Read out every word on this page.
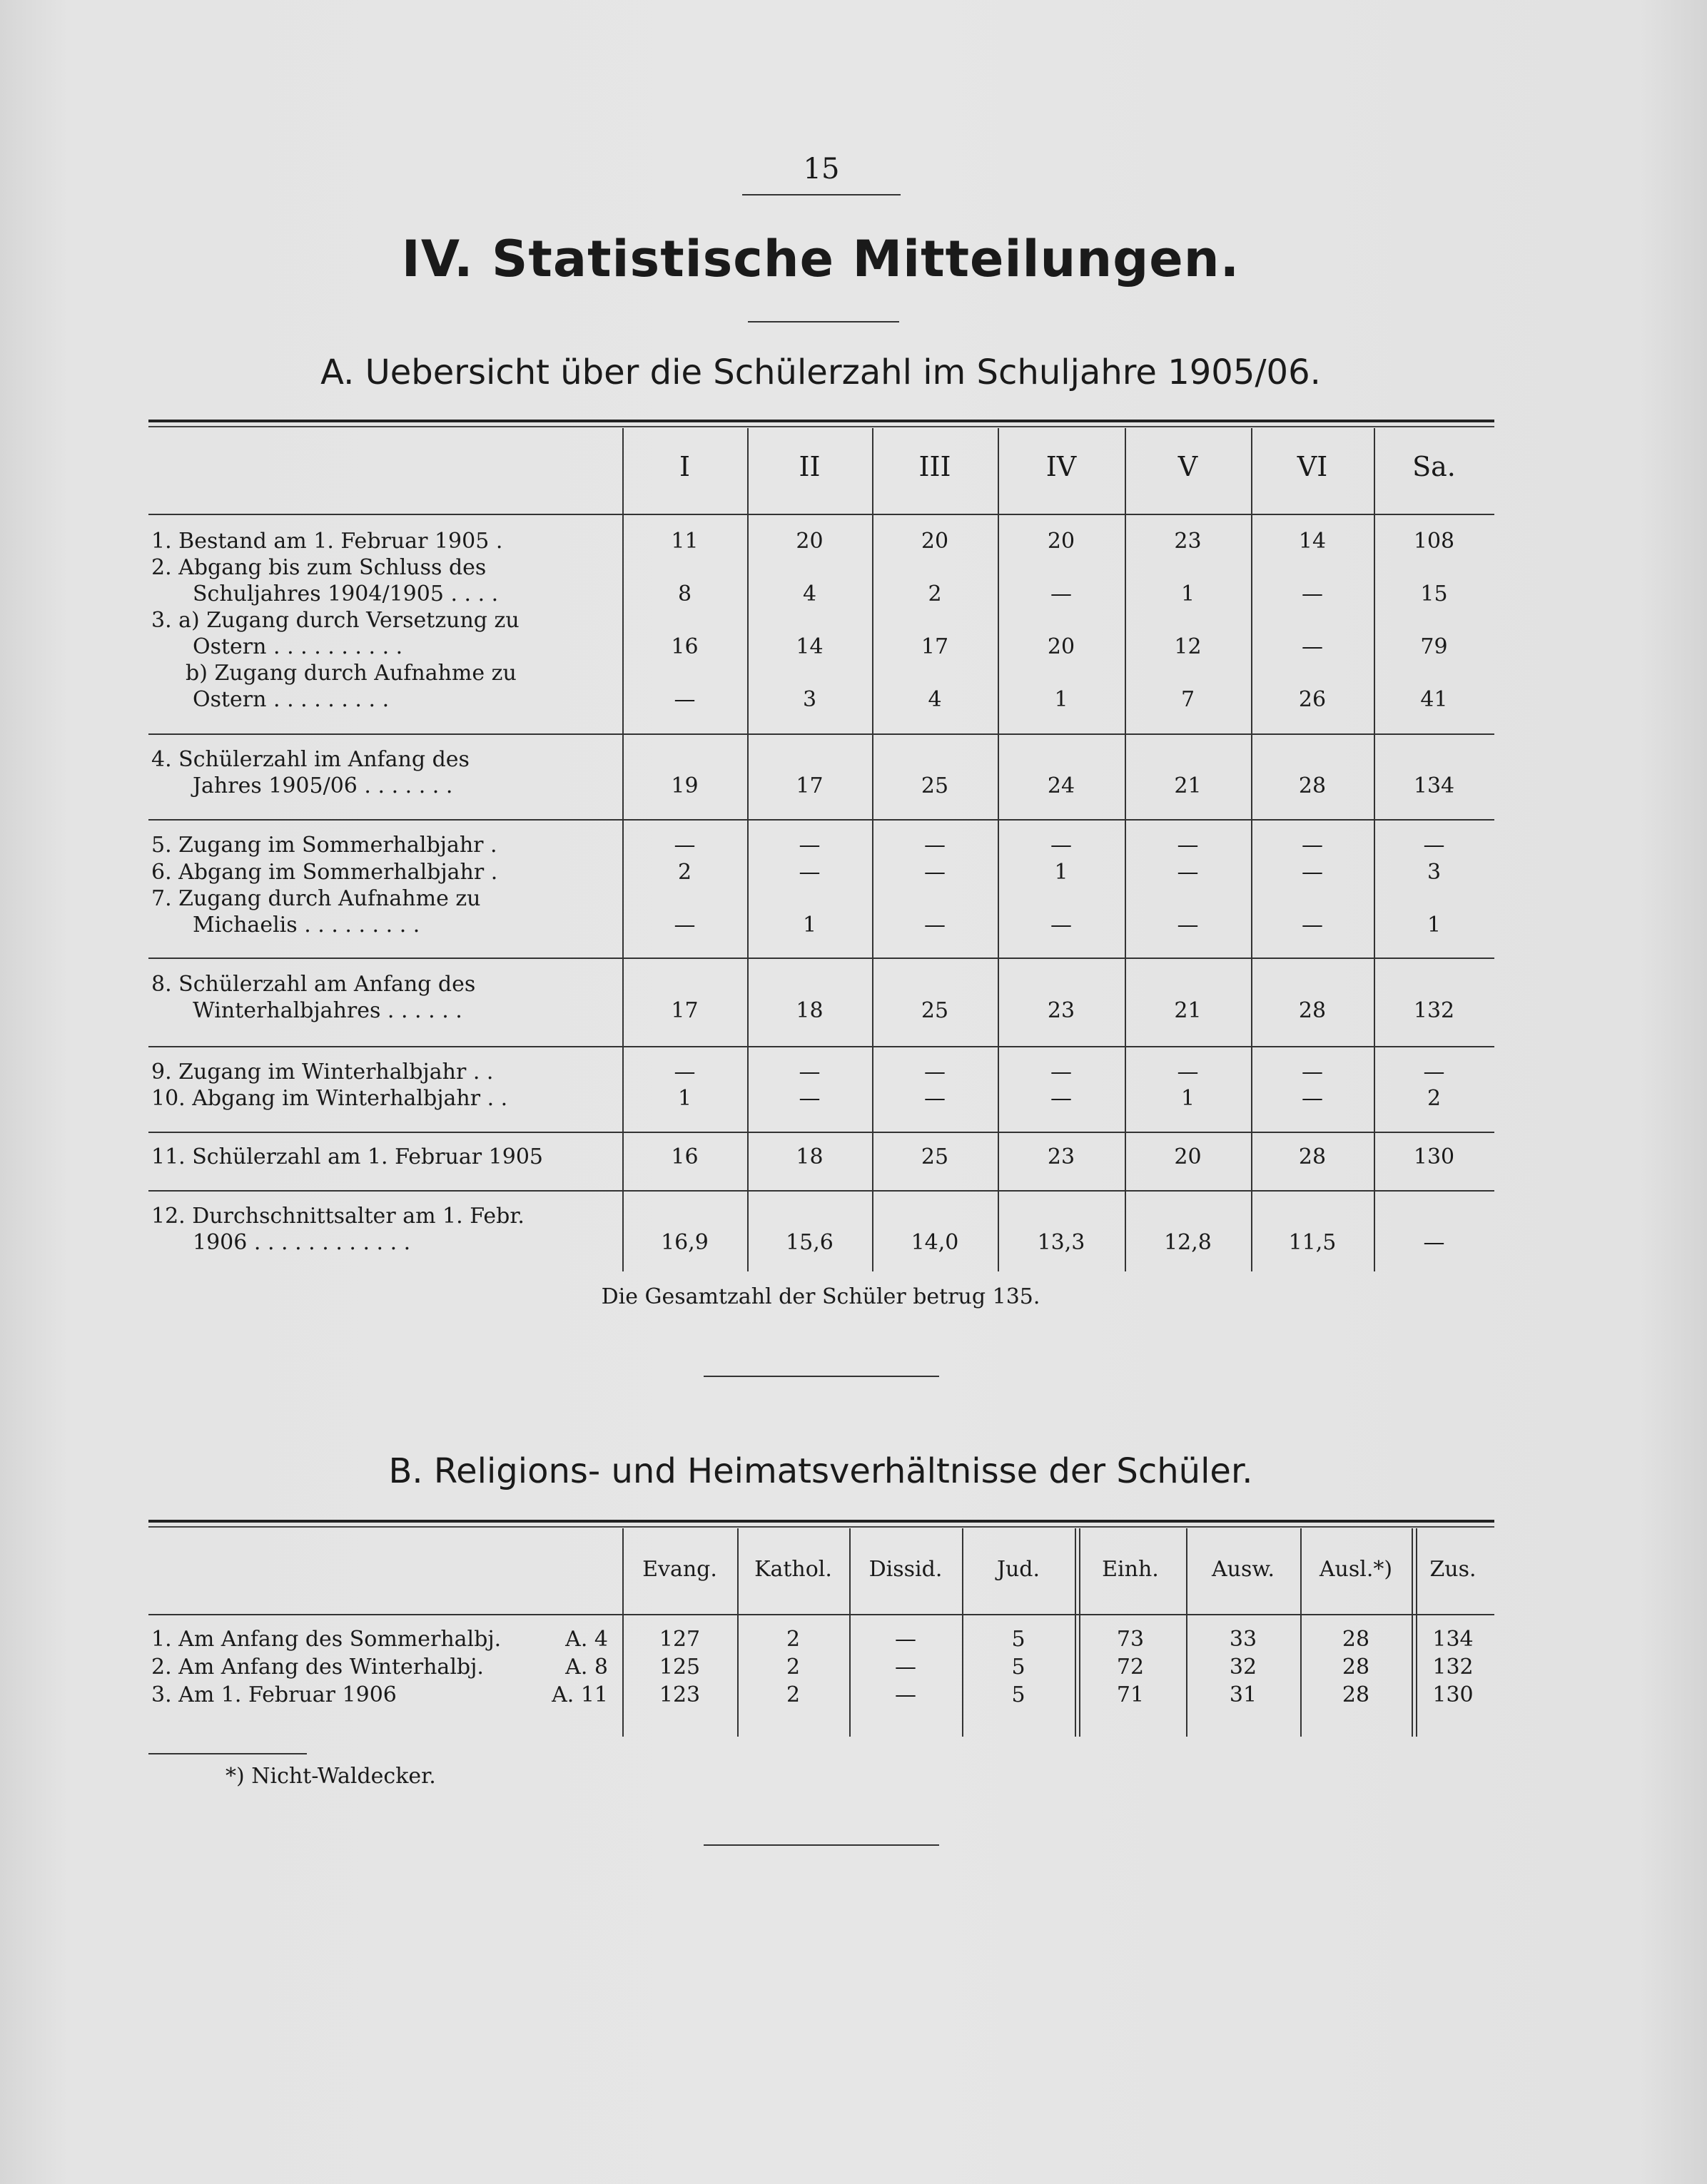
15
IV. Statistische Mitteilungen.
A. Uebersicht über die Schülerzahl im Schuljahre 1905/06.
I	II	III	IV	V	VI	Sa.
1. Bestand am 1. Februar 1905 .	11	20	20	20	23	14	108
2. Abgang bis zum Schluss des
Schuljahres 1904/1905 . . . .	8	4	2	—	1	—	15
3. a) Zugang durch Versetzung zu
Ostern . . . . . . . . . .	16	14	17	20	12	—	79
b) Zugang durch Aufnahme zu
Ostern . . . . . . . . .	—	3	4	1	7	26	41
4. Schülerzahl im Anfang des
Jahres 1905/06 . . . . . . .	19	17	25	24	21	28	134
5. Zugang im Sommerhalbjahr .	—	—	—	—	—	—	—
6. Abgang im Sommerhalbjahr .	2	—	—	1	—	—	3
7. Zugang durch Aufnahme zu
Michaelis . . . . . . . . .	—	1	—	—	—	—	1
8. Schülerzahl am Anfang des
Winterhalbjahres . . . . . .	17	18	25	23	21	28	132
9. Zugang im Winterhalbjahr . .	—	—	—	—	—	—	—
10. Abgang im Winterhalbjahr . .	1	—	—	—	1	—	2
11. Schülerzahl am 1. Februar 1905	16	18	25	23	20	28	130
12. Durchschnittsalter am 1. Febr.
1906 . . . . . . . . . . . .	16,9	15,6	14,0	13,3	12,8	11,5	—
Die Gesamtzahl der Schüler betrug 135.
B. Religions- und Heimatsverhältnisse der Schüler.
Evang.	Kathol.	Dissid.	Jud.	Einh.	Ausw.	Ausl.*)	Zus.
1. Am Anfang des Sommerhalbj.	A. 4	127	2	—	5	73	33	28	134
2. Am Anfang des Winterhalbj.	A. 8	125	2	—	5	72	32	28	132
3. Am 1. Februar 1906	A. 11	123	2	—	5	71	31	28	130
*) Nicht-Waldecker.
